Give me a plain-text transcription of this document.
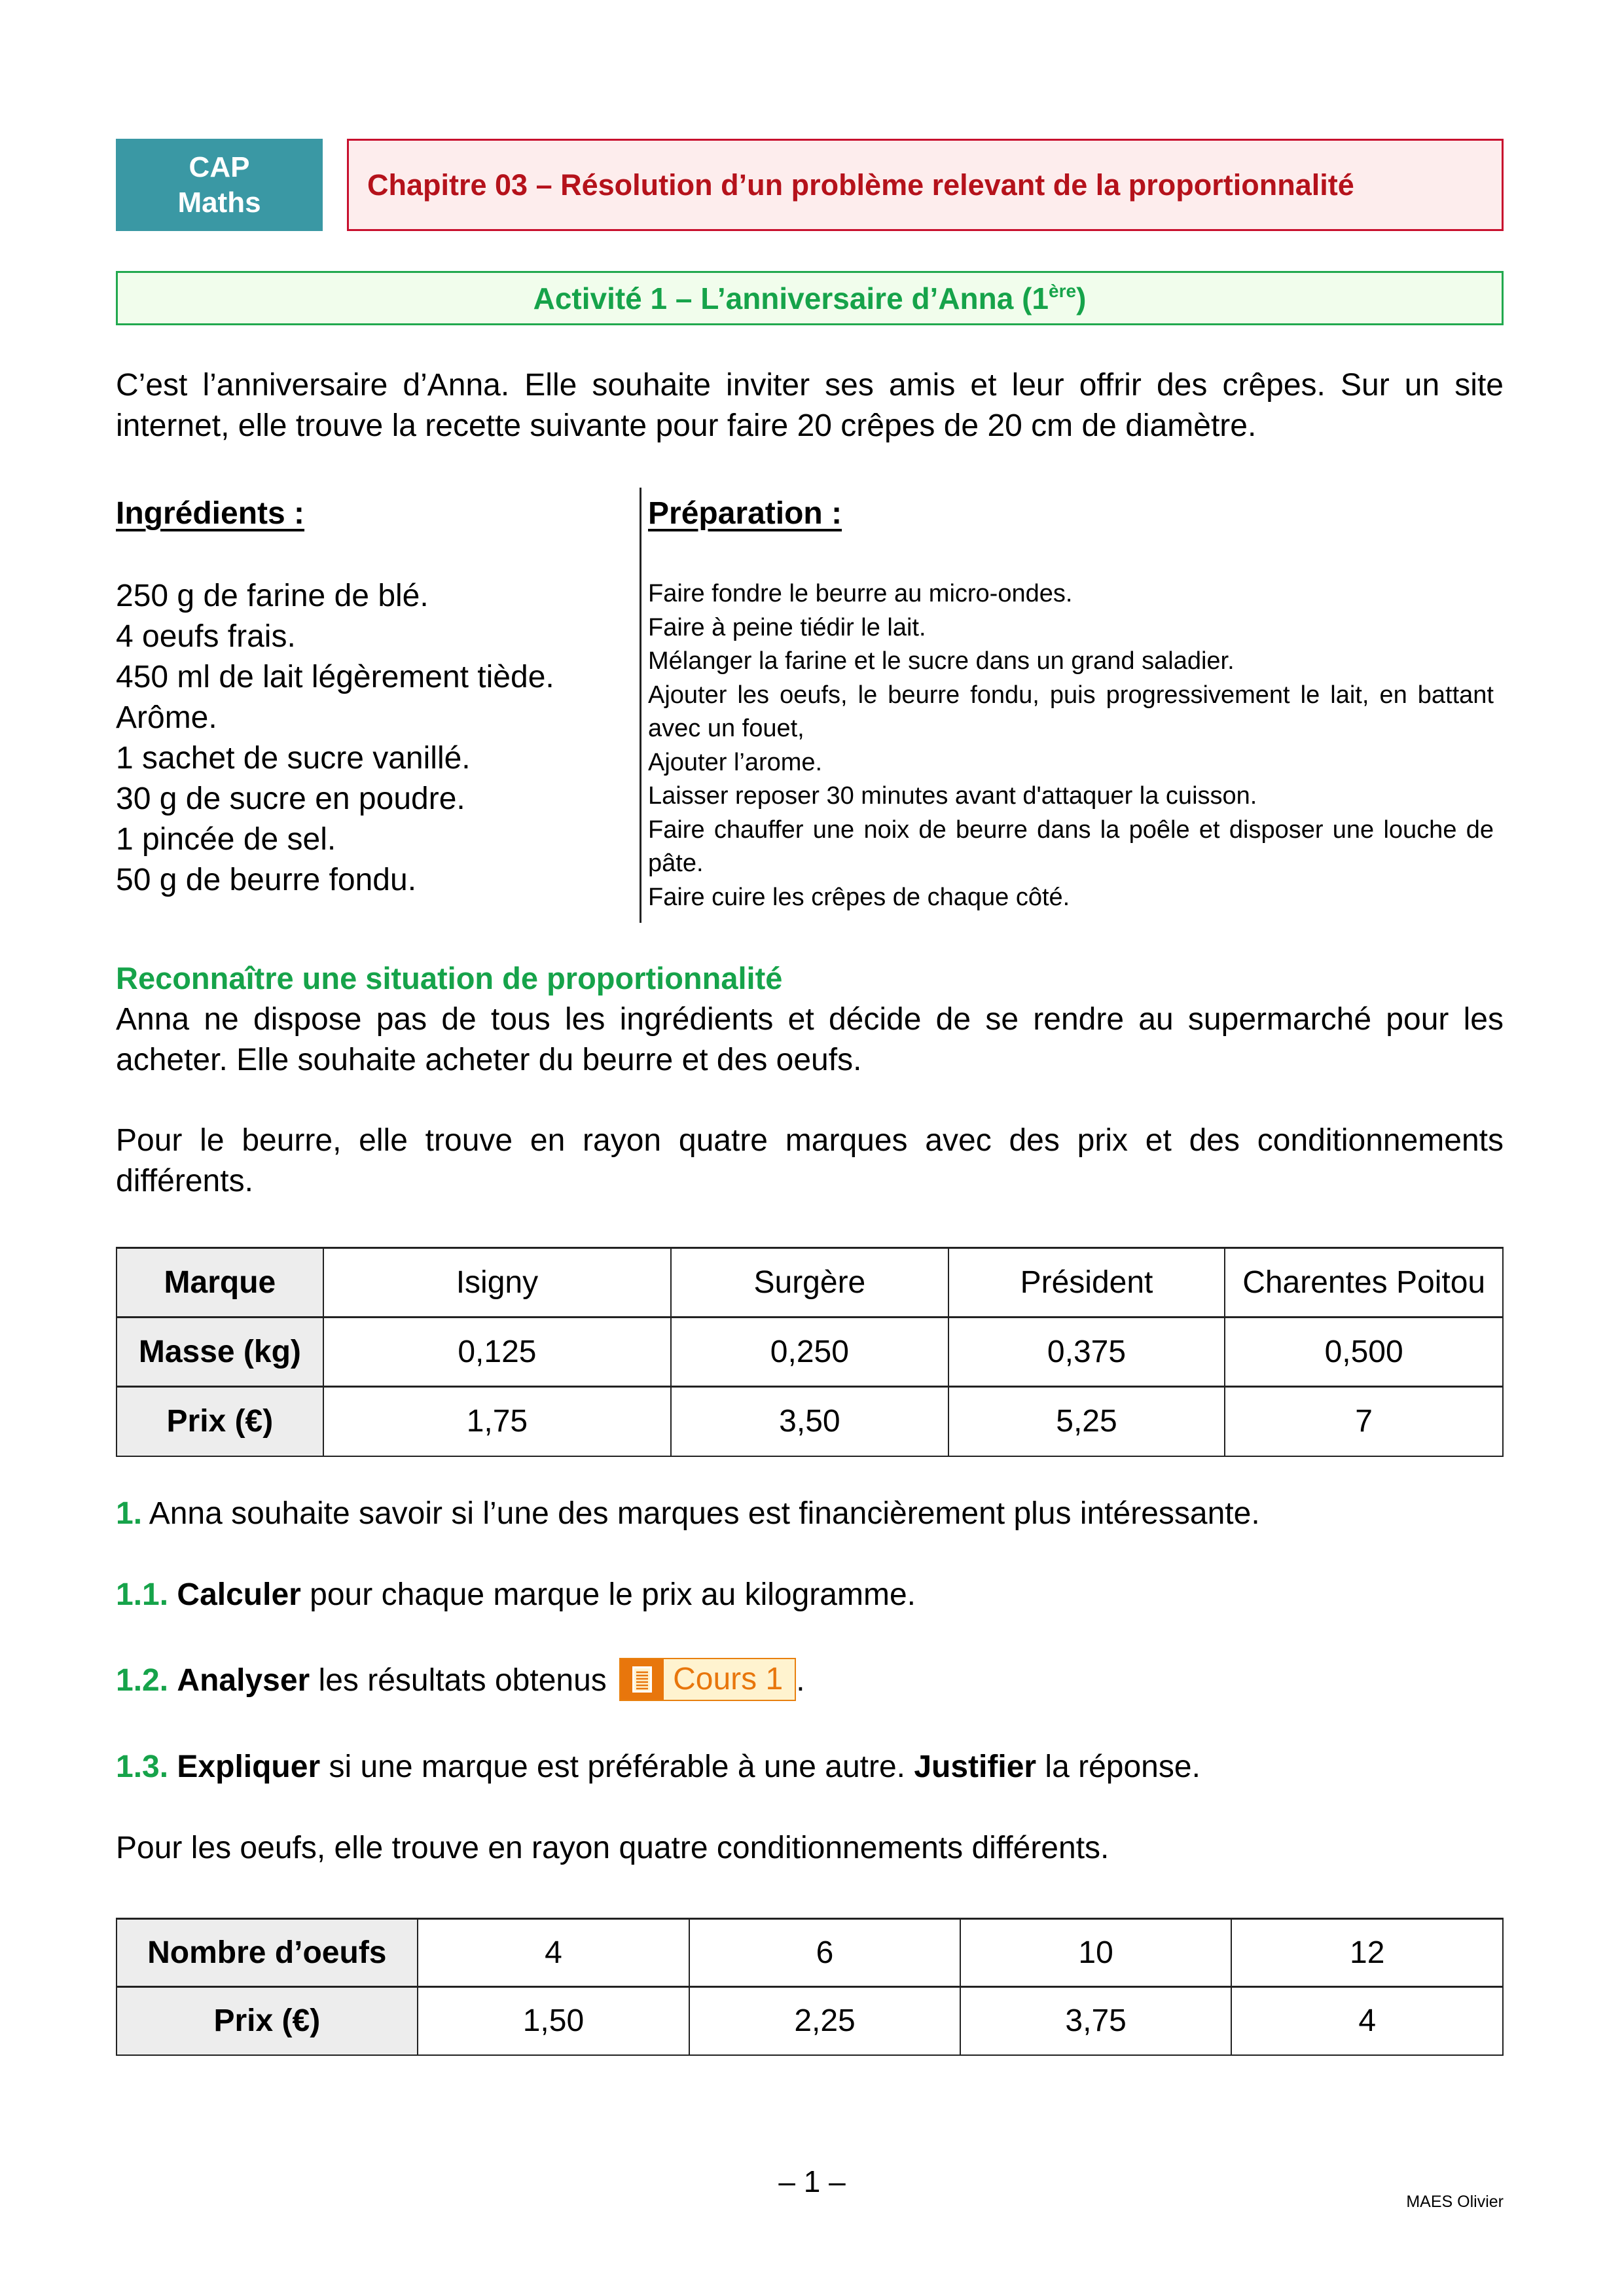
CAP
Maths
Chapitre 03 – Résolution d’un problème relevant de la proportionnalité
Activité 1 – L’anniversaire d’Anna (1ère)

C’est l’anniversaire d’Anna. Elle souhaite inviter ses amis et leur offrir des crêpes. Sur un site internet, elle trouve la recette suivante pour faire 20 crêpes de 20 cm de diamètre.

Ingrédients :
250 g de farine de blé.
4 oeufs frais.
450 ml de lait légèrement tiède.
Arôme.
1 sachet de sucre vanillé.
30 g de sucre en poudre.
1 pincée de sel.
50 g de beurre fondu.
Préparation :
Faire fondre le beurre au micro-ondes.
Faire à peine tiédir le lait.
Mélanger la farine et le sucre dans un grand saladier.
Ajouter les oeufs, le beurre fondu, puis progressivement le lait, en battant avec un fouet,
Ajouter l’arome.
Laisser reposer 30 minutes avant d'attaquer la cuisson.
Faire chauffer une noix de beurre dans la poêle et disposer une louche de pâte.
Faire cuire les crêpes de chaque côté.
Reconnaître une situation de proportionnalité

Anna ne dispose pas de tous les ingrédients et décide de se rendre au supermarché pour les acheter. Elle souhaite acheter du beurre et des oeufs.

Pour le beurre, elle trouve en rayon quatre marques avec des prix et des conditionnements différents.

Marque	Isigny	Surgère	Président	Charentes Poitou
Masse (kg)	0,125	0,250	0,375	0,500
Prix (€)	1,75	3,50	5,25	7
1. Anna souhaite savoir si l’une des marques est financièrement plus intéressante.
1.1. Calculer pour chaque marque le prix au kilogramme.
1.2. Analyser les résultats obtenus Cours 1 .
1.3. Expliquer si une marque est préférable à une autre. Justifier la réponse.

Pour les oeufs, elle trouve en rayon quatre conditionnements différents.

Nombre d’oeufs	4	6	10	12
Prix (€)	1,50	2,25	3,75	4
– 1 –
MAES Olivier
